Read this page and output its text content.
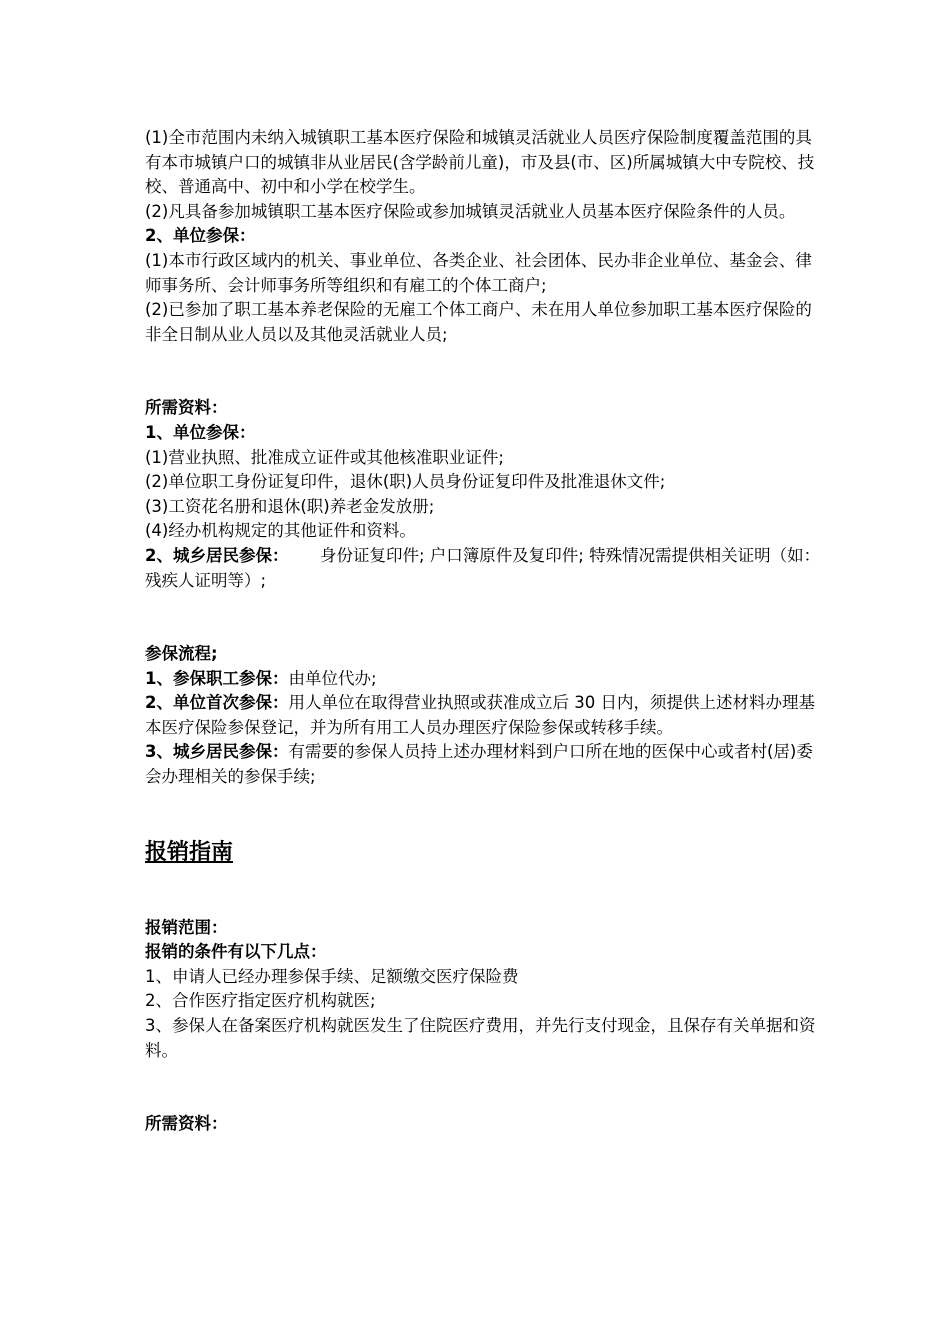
(1)全市范围内未纳入城镇职工基本医疗保险和城镇灵活就业人员医疗保险制度覆盖范围的具有本市城镇户口的城镇非从业居民(含学龄前儿童)，市及县(市、区)所属城镇大中专院校、技校、普通高中、初中和小学在校学生。

(2)凡具备参加城镇职工基本医疗保险或参加城镇灵活就业人员基本医疗保险条件的人员。

2、单位参保：

(1)本市行政区域内的机关、事业单位、各类企业、社会团体、民办非企业单位、基金会、律师事务所、会计师事务所等组织和有雇工的个体工商户;

(2)已参加了职工基本养老保险的无雇工个体工商户、未在用人单位参加职工基本医疗保险的非全日制从业人员以及其他灵活就业人员;

所需资料：

1、单位参保：

(1)营业执照、批准成立证件或其他核准职业证件;

(2)单位职工身份证复印件，退休(职)人员身份证复印件及批准退休文件;

(3)工资花名册和退休(职)养老金发放册;

(4)经办机构规定的其他证件和资料。

2、城乡居民参保： 身份证复印件; 户口簿原件及复印件; 特殊情况需提供相关证明（如：残疾人证明等）;

参保流程;

1、参保职工参保：由单位代办;

2、单位首次参保：用人单位在取得营业执照或获准成立后 30 日内，须提供上述材料办理基本医疗保险参保登记，并为所有用工人员办理医疗保险参保或转移手续。

3、城乡居民参保：有需要的参保人员持上述办理材料到户口所在地的医保中心或者村(居)委会办理相关的参保手续;

报销指南

报销范围：

报销的条件有以下几点：

1、申请人已经办理参保手续、足额缴交医疗保险费

2、合作医疗指定医疗机构就医;

3、参保人在备案医疗机构就医发生了住院医疗费用，并先行支付现金，且保存有关单据和资料。

所需资料：
